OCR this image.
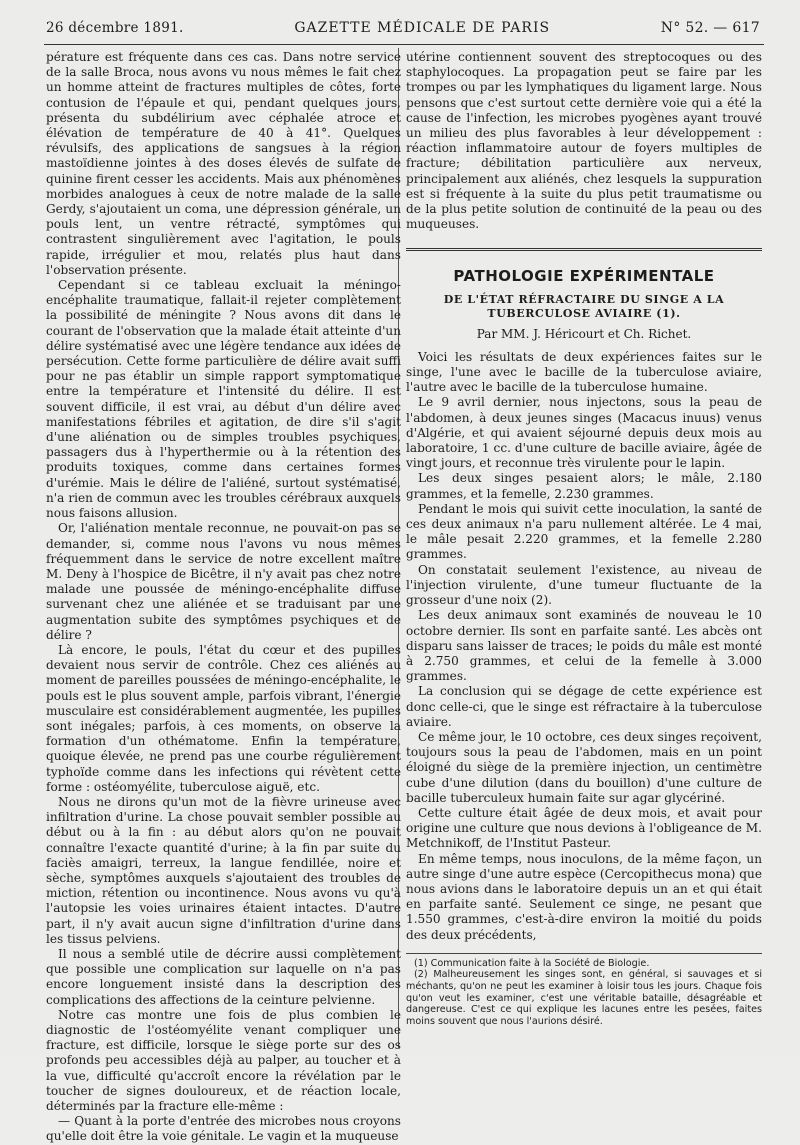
26 décembre 1891.	GAZETTE MÉDICALE DE PARIS	N° 52. — 617

pérature est fréquente dans ces cas. Dans notre service de la salle Broca, nous avons vu nous mêmes le fait chez un homme atteint de fractures multiples de côtes, forte contusion de l'épaule et qui, pendant quelques jours, présenta du subdélirium avec céphalée atroce et élévation de température de 40 à 41°. Quelques révulsifs, des applications de sangsues à la région mastoïdienne jointes à des doses élevés de sulfate de quinine firent cesser les accidents. Mais aux phénomènes morbides analogues à ceux de notre malade de la salle Gerdy, s'ajoutaient un coma, une dépression générale, un pouls lent, un ventre rétracté, symptômes qui contrastent singulièrement avec l'agitation, le pouls rapide, irrégulier et mou, relatés plus haut dans l'observation présente.

Cependant si ce tableau excluait la méningo-encéphalite traumatique, fallait-il rejeter complètement la possibilité de méningite ? Nous avons dit dans le courant de l'observation que la malade était atteinte d'un délire systématisé avec une légère tendance aux idées de persécution. Cette forme particulière de délire avait suffi pour ne pas établir un simple rapport symptomatique entre la température et l'intensité du délire. Il est souvent difficile, il est vrai, au début d'un délire avec manifestations fébriles et agitation, de dire s'il s'agit d'une aliénation ou de simples troubles psychiques, passagers dus à l'hyperthermie ou à la rétention des produits toxiques, comme dans certaines formes d'urémie. Mais le délire de l'aliéné, surtout systématisé, n'a rien de commun avec les troubles cérébraux auxquels nous faisons allusion.

Or, l'aliénation mentale reconnue, ne pouvait-on pas se demander, si, comme nous l'avons vu nous mêmes fréquemment dans le service de notre excellent maître M. Deny à l'hospice de Bicêtre, il n'y avait pas chez notre malade une poussée de méningo-encéphalite diffuse survenant chez une aliénée et se traduisant par une augmentation subite des symptômes psychiques et de délire ?

Là encore, le pouls, l'état du cœur et des pupilles devaient nous servir de contrôle. Chez ces aliénés au moment de pareilles poussées de méningo-encéphalite, le pouls est le plus souvent ample, parfois vibrant, l'énergie musculaire est considérablement augmentée, les pupilles sont inégales; parfois, à ces moments, on observe la formation d'un othématome. Enfin la température, quoique élevée, ne prend pas une courbe régulièrement typhoïde comme dans les infections qui révètent cette forme : ostéomyélite, tuberculose aiguë, etc.

Nous ne dirons qu'un mot de la fièvre urineuse avec infiltration d'urine. La chose pouvait sembler possible au début ou à la fin : au début alors qu'on ne pouvait connaître l'exacte quantité d'urine; à la fin par suite du faciès amaigri, terreux, la langue fendillée, noire et sèche, symptômes auxquels s'ajoutaient des troubles de miction, rétention ou incontinence. Nous avons vu qu'à l'autopsie les voies urinaires étaient intactes. D'autre part, il n'y avait aucun signe d'infiltration d'urine dans les tissus pelviens.

Il nous a semblé utile de décrire aussi complètement que possible une complication sur laquelle on n'a pas encore longuement insisté dans la description des complications des affections de la ceinture pelvienne.

Notre cas montre une fois de plus combien le diagnostic de l'ostéomyélite venant compliquer une fracture, est difficile, lorsque le siège porte sur des os profonds peu accessibles déjà au palper, au toucher et à la vue, difficulté qu'accroît encore la révélation par le toucher de signes douloureux, et de réaction locale, déterminés par la fracture elle-même :

— Quant à la porte d'entrée des microbes nous croyons qu'elle doit être la voie génitale. Le vagin et la muqueuse

utérine contiennent souvent des streptocoques ou des staphylocoques. La propagation peut se faire par les trompes ou par les lymphatiques du ligament large. Nous pensons que c'est surtout cette dernière voie qui a été la cause de l'infection, les microbes pyogènes ayant trouvé un milieu des plus favorables à leur développement : réaction inflammatoire autour de foyers multiples de fracture; débilitation particulière aux nerveux, principalement aux aliénés, chez lesquels la suppuration est si fréquente à la suite du plus petit traumatisme ou de la plus petite solution de continuité de la peau ou des muqueuses.

PATHOLOGIE EXPÉRIMENTALE
DE L'ÉTAT RÉFRACTAIRE DU SINGE A LA TUBERCULOSE AVIAIRE (1).
Par MM. J. Héricourt et Ch. Richet.

Voici les résultats de deux expériences faites sur le singe, l'une avec le bacille de la tuberculose aviaire, l'autre avec le bacille de la tuberculose humaine.

Le 9 avril dernier, nous injectons, sous la peau de l'abdomen, à deux jeunes singes (Macacus inuus) venus d'Algérie, et qui avaient séjourné depuis deux mois au laboratoire, 1 cc. d'une culture de bacille aviaire, âgée de vingt jours, et reconnue très virulente pour le lapin.

Les deux singes pesaient alors; le mâle, 2.180 grammes, et la femelle, 2.230 grammes.

Pendant le mois qui suivit cette inoculation, la santé de ces deux animaux n'a paru nullement altérée. Le 4 mai, le mâle pesait 2.220 grammes, et la femelle 2.280 grammes.

On constatait seulement l'existence, au niveau de l'injection virulente, d'une tumeur fluctuante de la grosseur d'une noix (2).

Les deux animaux sont examinés de nouveau le 10 octobre dernier. Ils sont en parfaite santé. Les abcès ont disparu sans laisser de traces; le poids du mâle est monté à 2.750 grammes, et celui de la femelle à 3.000 grammes.

La conclusion qui se dégage de cette expérience est donc celle-ci, que le singe est réfractaire à la tuberculose aviaire.

Ce même jour, le 10 octobre, ces deux singes reçoivent, toujours sous la peau de l'abdomen, mais en un point éloigné du siège de la première injection, un centimètre cube d'une dilution (dans du bouillon) d'une culture de bacille tuberculeux humain faite sur agar glycériné.

Cette culture était âgée de deux mois, et avait pour origine une culture que nous devions à l'obligeance de M. Metchnikoff, de l'Institut Pasteur.

En même temps, nous inoculons, de la même façon, un autre singe d'une autre espèce (Cercopithecus mona) que nous avions dans le laboratoire depuis un an et qui était en parfaite santé. Seulement ce singe, ne pesant que 1.550 grammes, c'est-à-dire environ la moitié du poids des deux précédents,

(1) Communication faite à la Société de Biologie.

(2) Malheureusement les singes sont, en général, si sauvages et si méchants, qu'on ne peut les examiner à loisir tous les jours. Chaque fois qu'on veut les examiner, c'est une véritable bataille, désagréable et dangereuse. C'est ce qui explique les lacunes entre les pesées, faites moins souvent que nous l'aurions désiré.
